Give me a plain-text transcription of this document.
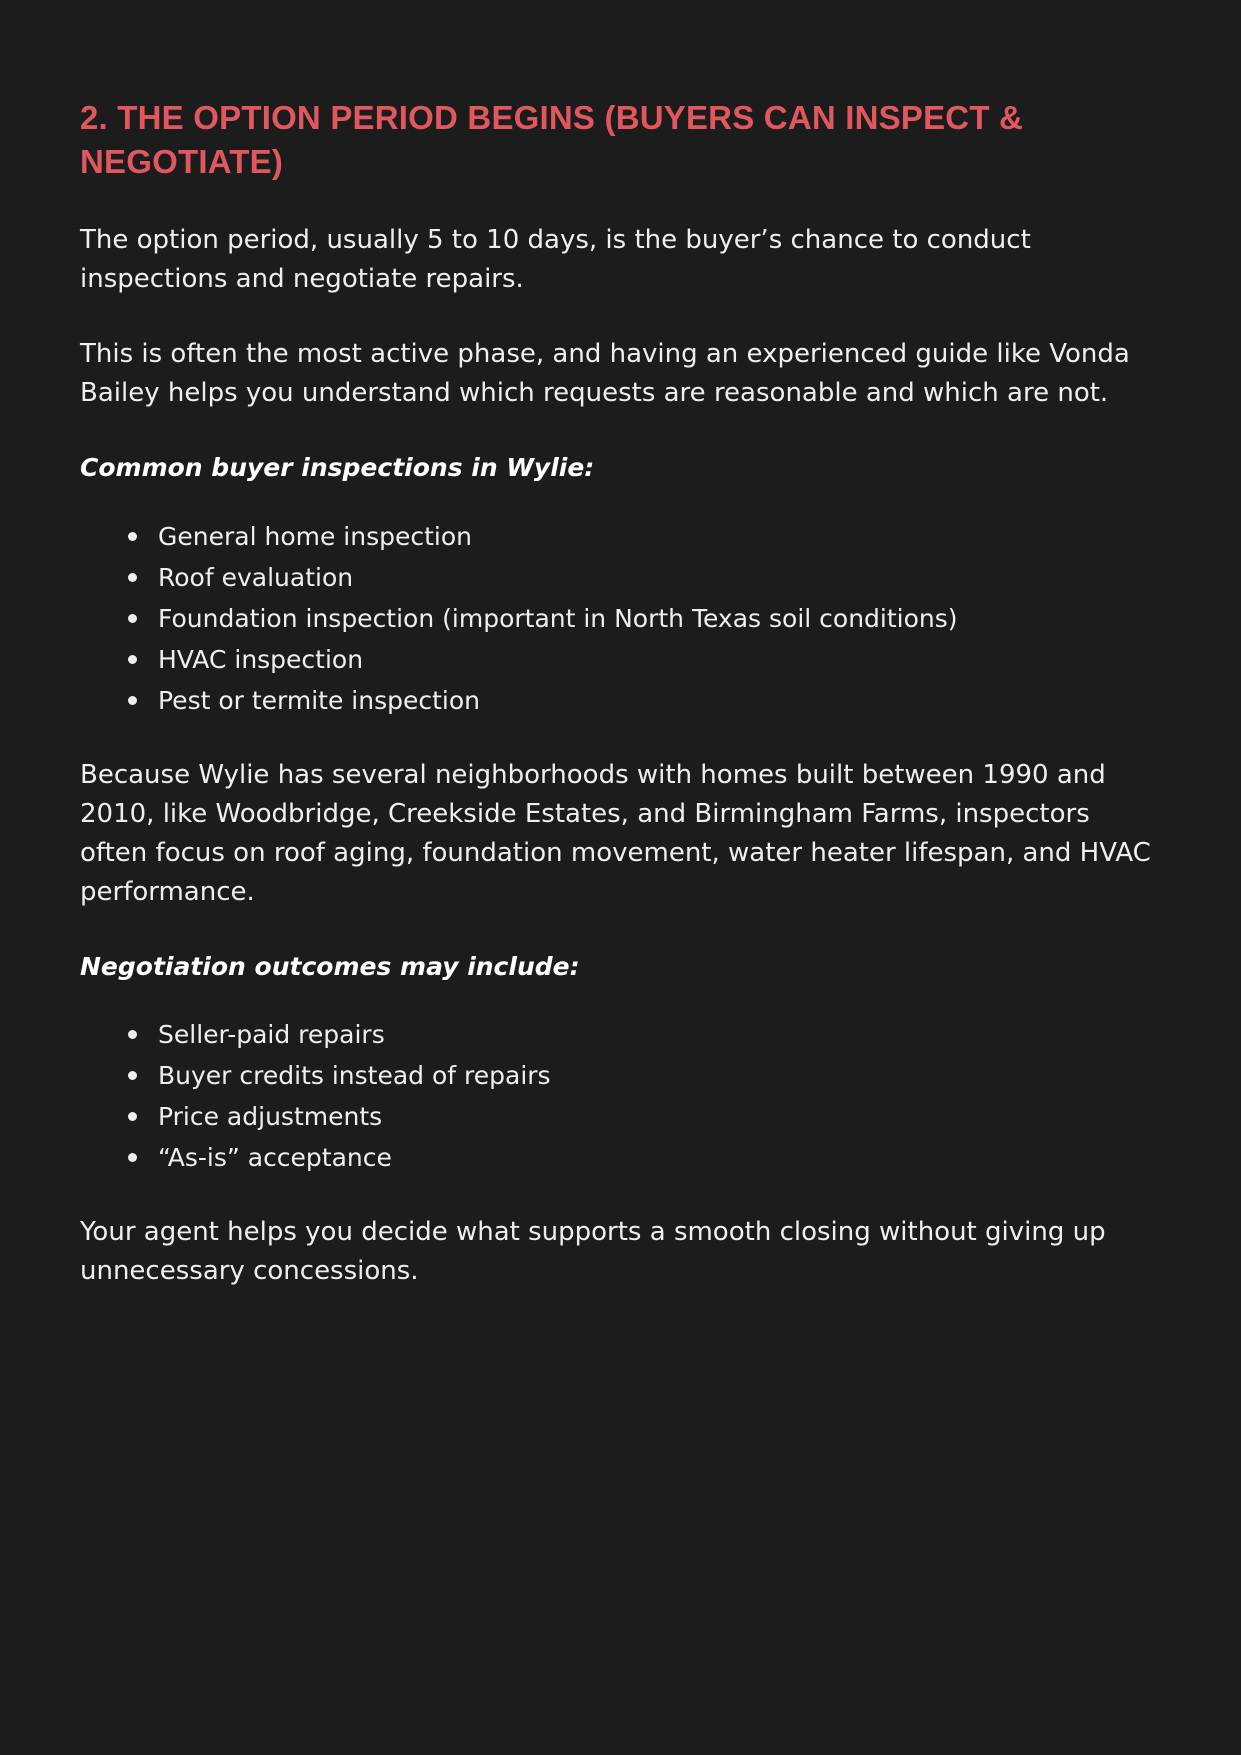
2. THE OPTION PERIOD BEGINS (BUYERS CAN INSPECT & NEGOTIATE)

The option period, usually 5 to 10 days, is the buyer’s chance to conduct inspections and negotiate repairs.

This is often the most active phase, and having an experienced guide like Vonda Bailey helps you understand which requests are reasonable and which are not.

Common buyer inspections in Wylie:

General home inspection
Roof evaluation
Foundation inspection (important in North Texas soil conditions)
HVAC inspection
Pest or termite inspection

Because Wylie has several neighborhoods with homes built between 1990 and 2010, like Woodbridge, Creekside Estates, and Birmingham Farms, inspectors often focus on roof aging, foundation movement, water heater lifespan, and HVAC performance.

Negotiation outcomes may include:

Seller-paid repairs
Buyer credits instead of repairs
Price adjustments
“As-is” acceptance

Your agent helps you decide what supports a smooth closing without giving up unnecessary concessions.
